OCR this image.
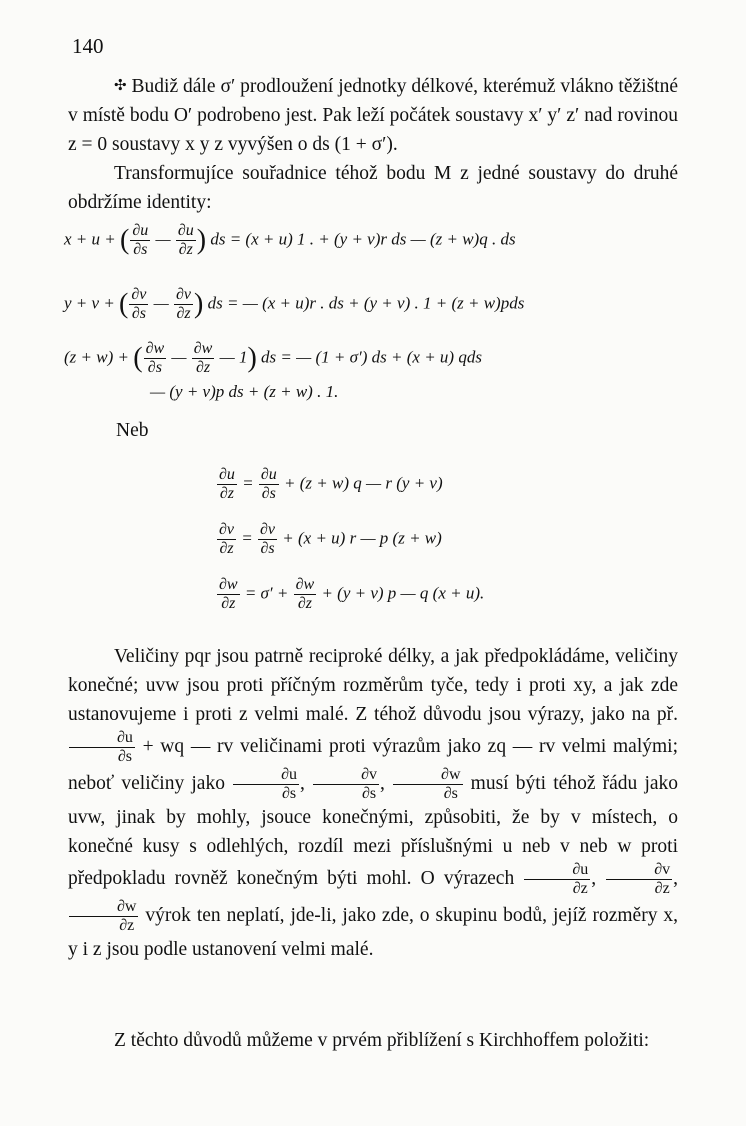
140
✣ Budiž dále σ′ prodloužení jednotky délkové, kterémuž vlákno těžištné v místě bodu O′ podrobeno jest. Pak leží počátek soustavy x′ y′ z′ nad rovinou z = 0 soustavy x y z vyvýšen o ds (1 + σ′).
Transformujíce souřadnice téhož bodu M z jedné soustavy do druhé obdržíme identity:
x + u + ( $\frac{\partial u}{\partial s}$ — $\frac{\partial u}{\partial z}$ ) ds = (x + u) 1 . + (y + v)r ds — (z + w)q . ds
y + v + ( $\frac{\partial v}{\partial s}$ — $\frac{\partial v}{\partial z}$ ) ds = — (x + u)r . ds + (y + v) . 1 + (z + w)pds
(z + w) + ( $\frac{\partial w}{\partial s}$ — $\frac{\partial w}{\partial z}$ — 1) ds = — (1 + σ′) ds + (x + u) qds
— (y + v)p ds + (z + w) . 1.
Neb
$\frac{\partial u}{\partial z} = \frac{\partial u}{\partial s} + (z + w)$ q — r (y + v)
$\frac{\partial v}{\partial z} = \frac{\partial v}{\partial s} + (x + u)$ r — p (z + w)
$\frac{\partial w}{\partial z} = \sigma' + \frac{\partial w}{\partial z} + (y + v)$ p — q (x + u).
Veličiny pqr jsou patrně reciproké délky, a jak předpokládáme, veličiny konečné; uvw jsou proti příčným rozměrům tyče, tedy i proti xy, a jak zde ustanovujeme i proti z velmi malé. Z téhož důvodu jsou výrazy, jako na př.
$\frac{\partial u}{\partial s}$ + wq — rv veličinami proti výrazům jako zq — rv velmi malými; neboť veličiny jako $\frac{\partial u}{\partial s}$ , $\frac{\partial v}{\partial s}$ , $\frac{\partial w}{\partial s}$ musí býti téhož řádu jako uvw, jinak by mohly, jsouce konečnými, způsobiti, že by v místech, o konečné kusy s odlehlých, rozdíl mezi příslušnými u neb v neb w proti předpokladu rovněž konečným býti mohl. O výrazech $\frac{\partial u}{\partial z}$ , $\frac{\partial v}{\partial z}$ ,
$\frac{\partial w}{\partial z}$ výrok ten neplatí, jde-li, jako zde, o skupinu bodů, jejíž rozměry x, y i z jsou podle ustanovení velmi malé.
Z těchto důvodů můžeme v prvém přiblížení s Kirchhoffem položiti:
